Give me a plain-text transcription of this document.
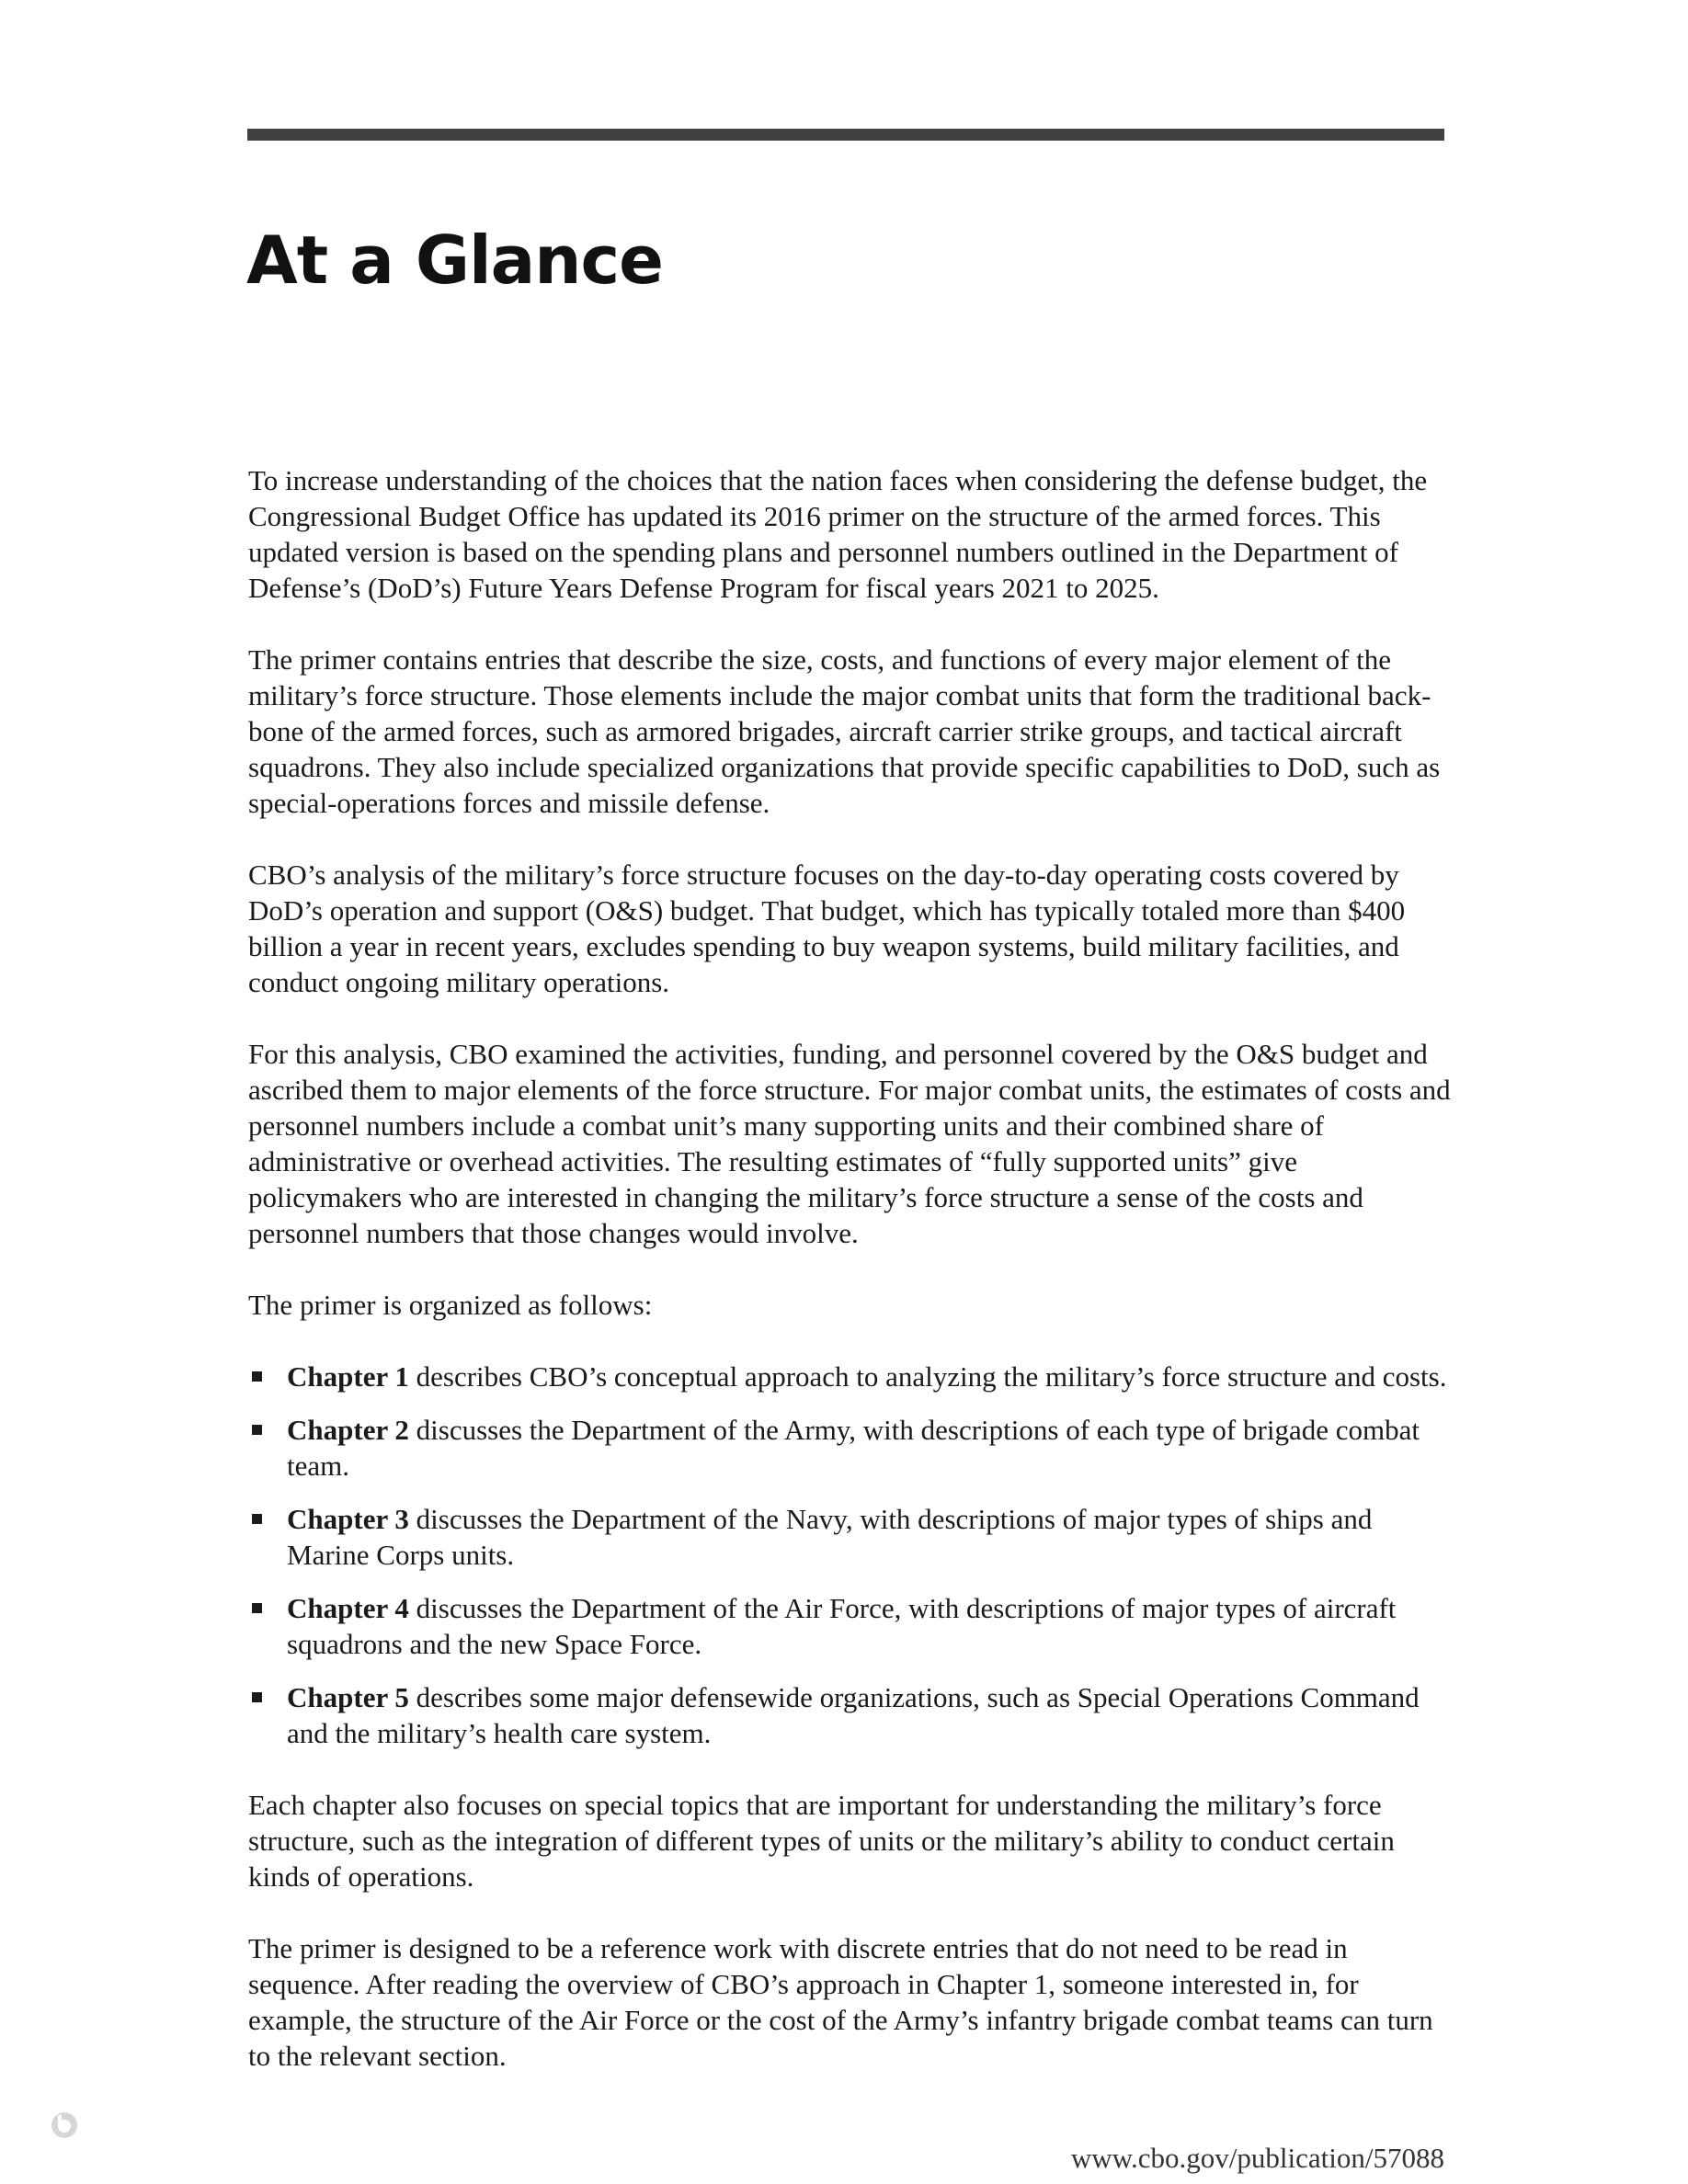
At a Glance

To increase understanding of the choices that the nation faces when considering the defense budget, the Congressional Budget Office has updated its 2016 primer on the structure of the armed forces. This updated version is based on the spending plans and personnel numbers outlined in the Department of Defense’s (DoD’s) Future Years Defense Program for fiscal years 2021 to 2025.

The primer contains entries that describe the size, costs, and functions of every major element of the military’s force structure. Those elements include the major combat units that form the traditional back-bone of the armed forces, such as armored brigades, aircraft carrier strike groups, and tactical aircraft squadrons. They also include specialized organizations that provide specific capabilities to DoD, such as special-operations forces and missile defense.

CBO’s analysis of the military’s force structure focuses on the day-to-day operating costs covered by DoD’s operation and support (O&S) budget. That budget, which has typically totaled more than $400 billion a year in recent years, excludes spending to buy weapon systems, build military facilities, and conduct ongoing military operations.

For this analysis, CBO examined the activities, funding, and personnel covered by the O&S budget and ascribed them to major elements of the force structure. For major combat units, the estimates of costs and personnel numbers include a combat unit’s many supporting units and their combined share of administrative or overhead activities. The resulting estimates of “fully supported units” give policymakers who are interested in changing the military’s force structure a sense of the costs and personnel numbers that those changes would involve.

The primer is organized as follows:

Chapter 1 describes CBO’s conceptual approach to analyzing the military’s force structure and costs.
Chapter 2 discusses the Department of the Army, with descriptions of each type of brigade combat team.
Chapter 3 discusses the Department of the Navy, with descriptions of major types of ships and Marine Corps units.
Chapter 4 discusses the Department of the Air Force, with descriptions of major types of aircraft squadrons and the new Space Force.
Chapter 5 describes some major defensewide organizations, such as Special Operations Command and the military’s health care system.

Each chapter also focuses on special topics that are important for understanding the military’s force structure, such as the integration of different types of units or the military’s ability to conduct certain kinds of operations.

The primer is designed to be a reference work with discrete entries that do not need to be read in sequence. After reading the overview of CBO’s approach in Chapter 1, someone interested in, for example, the structure of the Air Force or the cost of the Army’s infantry brigade combat teams can turn to the relevant section.

www.cbo.gov/publication/57088
